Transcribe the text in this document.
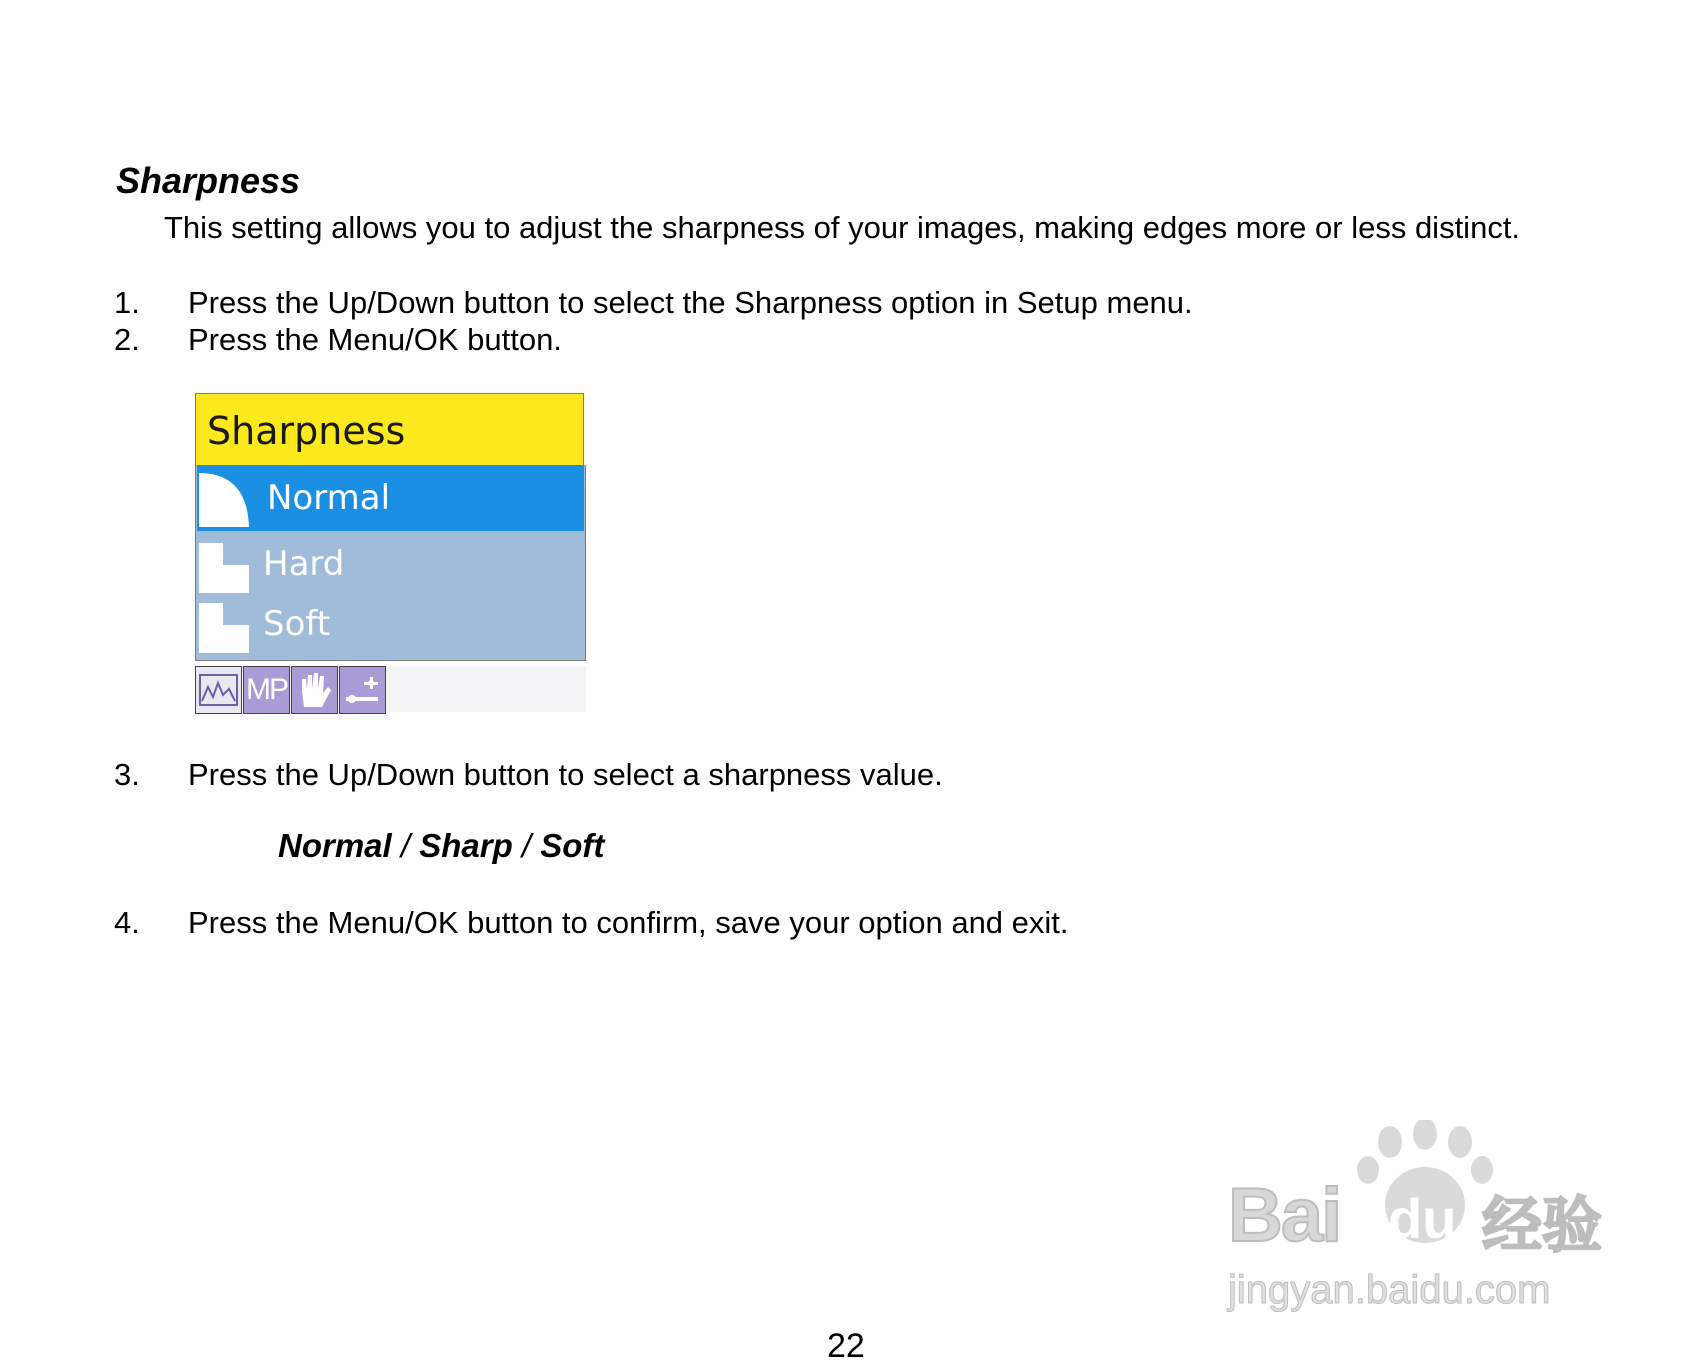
Sharpness
This setting allows you to adjust the sharpness of your images, making edges more or less distinct.
1. Press the Up/Down button to select the Sharpness option in Setup menu.
2. Press the Menu/OK button.
Sharpness
Normal
Hard
Soft
MP
3. Press the Up/Down button to select a sharpness value.
Normal / Sharp / Soft
4. Press the Menu/OK button to confirm, save your option and exit.
Bai du 经验
jingyan.baidu.com
22
